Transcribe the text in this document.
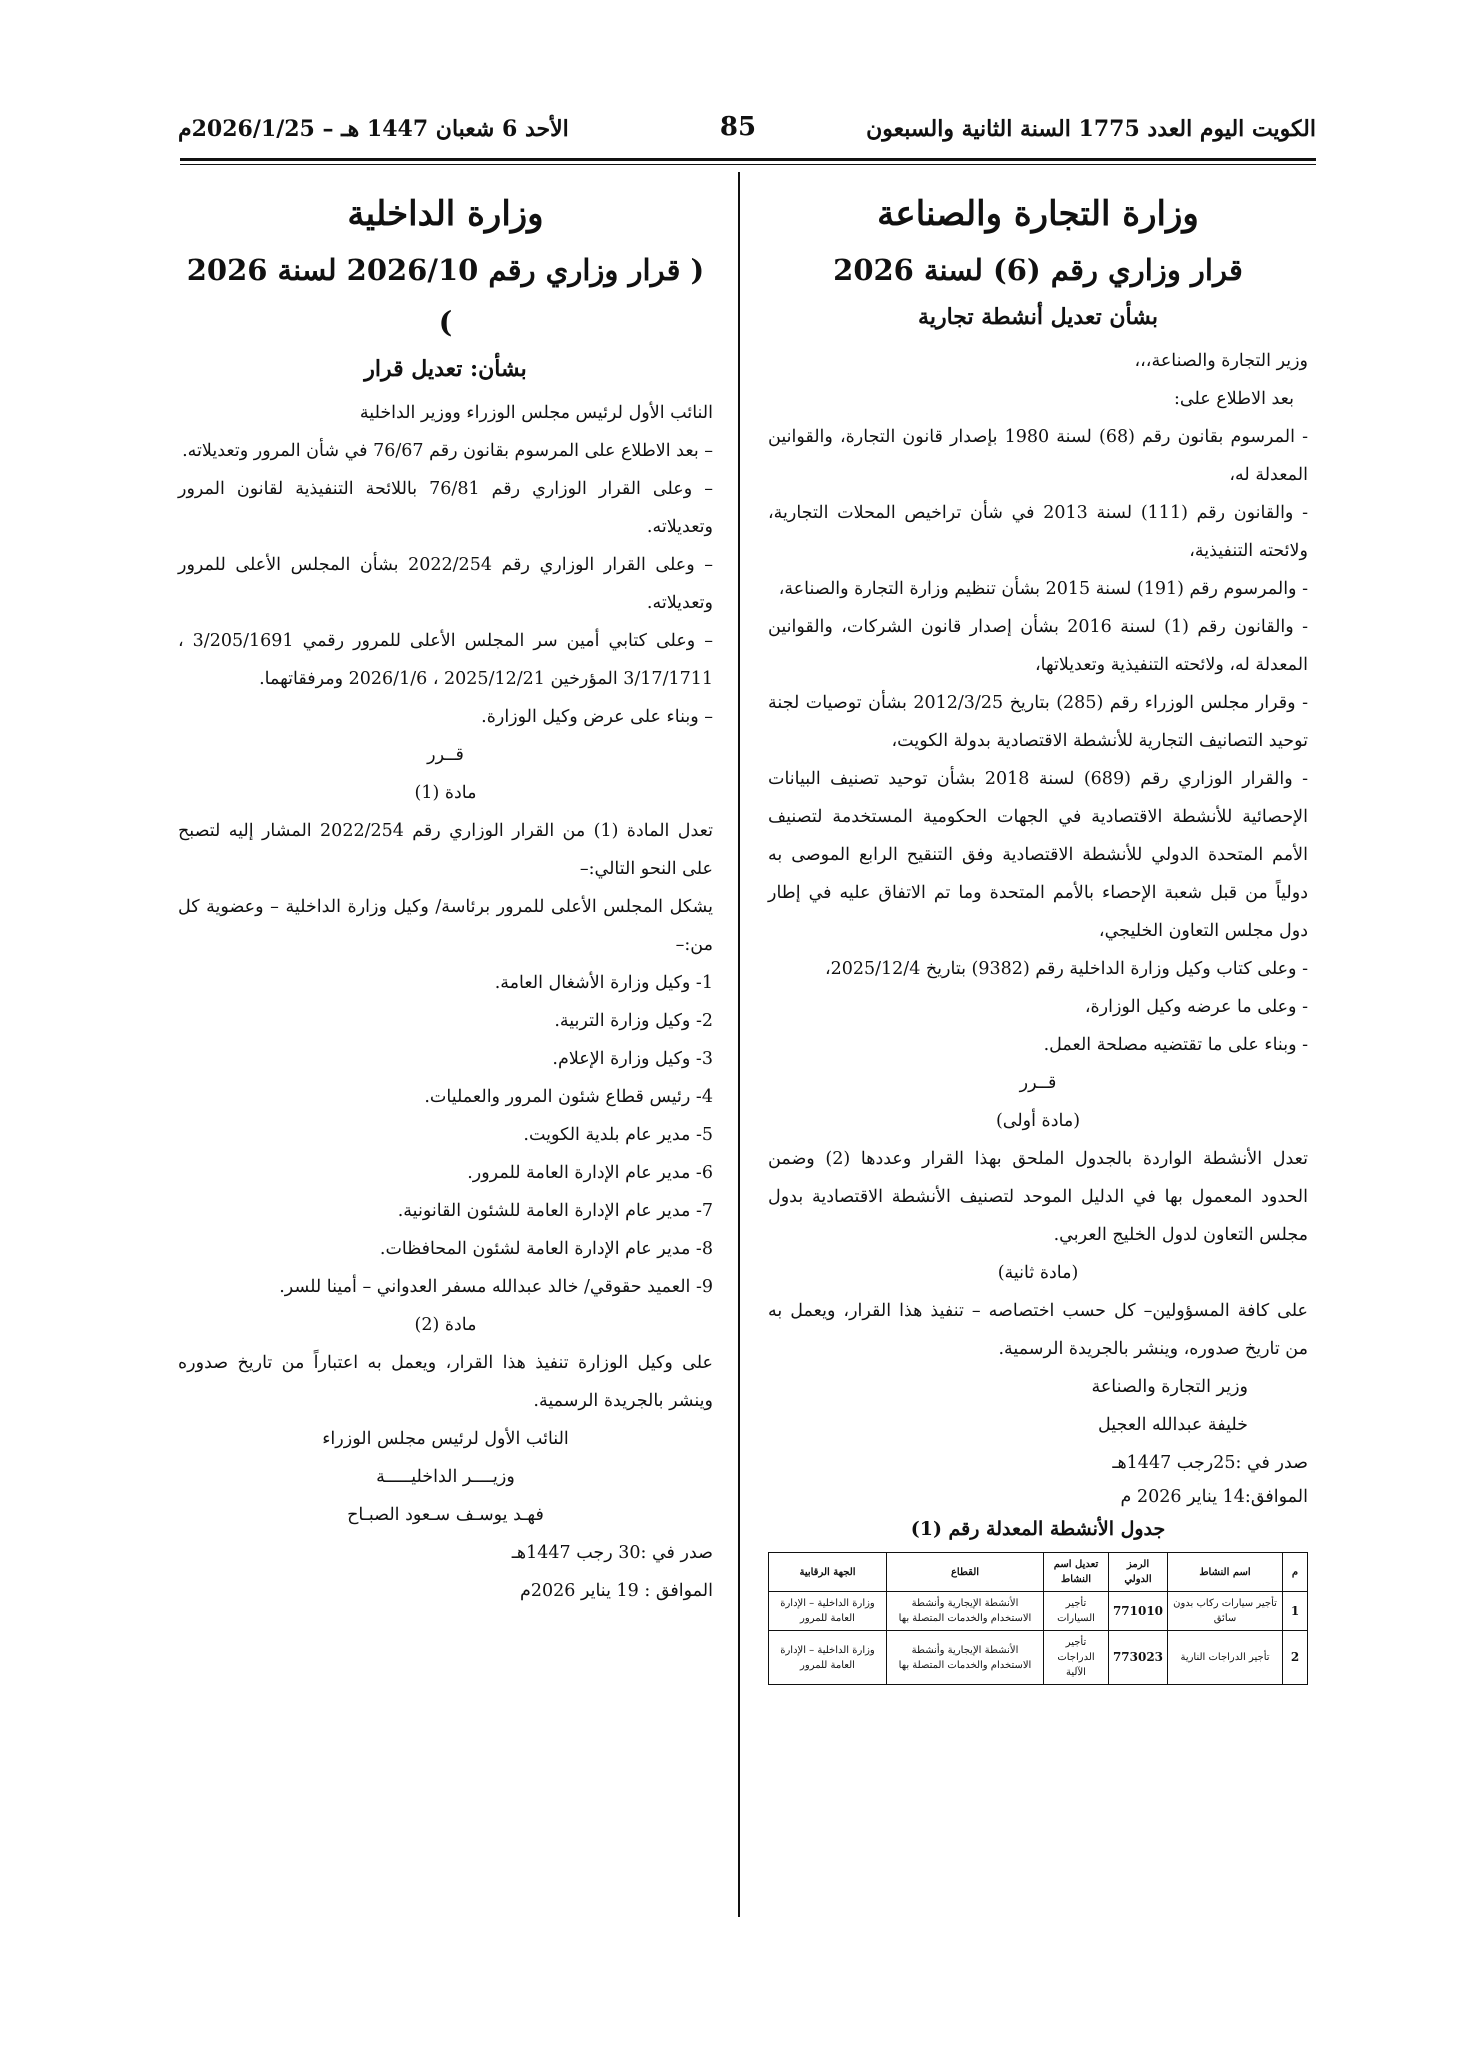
الكويت اليوم العدد 1775 السنة الثانية والسبعون
85
الأحد 6 شعبان 1447 هـ – 2026/1/25م
وزارة التجارة والصناعة
قرار وزاري رقم (6) لسنة 2026
بشأن تعديل أنشطة تجارية

وزير التجارة والصناعة،،،

بعد الاطلاع على:

- المرسوم بقانون رقم (68) لسنة 1980 بإصدار قانون التجارة، والقوانين المعدلة له،

- والقانون رقم (111) لسنة 2013 في شأن تراخيص المحلات التجارية، ولائحته التنفيذية،

- والمرسوم رقم (191) لسنة 2015 بشأن تنظيم وزارة التجارة والصناعة،

- والقانون رقم (1) لسنة 2016 بشأن إصدار قانون الشركات، والقوانين المعدلة له، ولائحته التنفيذية وتعديلاتها،

- وقرار مجلس الوزراء رقم (285) بتاريخ 2012/3/25 بشأن توصيات لجنة توحيد التصانيف التجارية للأنشطة الاقتصادية بدولة الكويت،

- والقرار الوزاري رقم (689) لسنة 2018 بشأن توحيد تصنيف البيانات الإحصائية للأنشطة الاقتصادية في الجهات الحكومية المستخدمة لتصنيف الأمم المتحدة الدولي للأنشطة الاقتصادية وفق التنقيح الرابع الموصى به دولياً من قبل شعبة الإحصاء بالأمم المتحدة وما تم الاتفاق عليه في إطار دول مجلس التعاون الخليجي،

- وعلى كتاب وكيل وزارة الداخلية رقم (9382) بتاريخ 2025/12/4،

- وعلى ما عرضه وكيل الوزارة،

- وبناء على ما تقتضيه مصلحة العمل.

قــرر

(مادة أولى)

تعدل الأنشطة الواردة بالجدول الملحق بهذا القرار وعددها (2) وضمن الحدود المعمول بها في الدليل الموحد لتصنيف الأنشطة الاقتصادية بدول مجلس التعاون لدول الخليج العربي.

(مادة ثانية)

على كافة المسؤولين– كل حسب اختصاصه – تنفيذ هذا القرار، ويعمل به من تاريخ صدوره، وينشر بالجريدة الرسمية.

وزير التجارة والصناعة

خليفة عبدالله العجيل

صدر في :25رجب 1447هـ

الموافق:14 يناير 2026 م

جدول الأنشطة المعدلة رقم (1)

م	اسم النشاط	الرمز الدولي	تعديل اسم النشاط	القطاع	الجهة الرقابية
1	تأجير سيارات ركاب بدون سائق	771010	تأجير السيارات	الأنشطة الإيجارية وأنشطة الاستخدام والخدمات المتصلة بها	وزارة الداخلية – الإدارة العامة للمرور
2	تأجير الدراجات النارية	773023	تأجير الدراجات الآلية	الأنشطة الإيجارية وأنشطة الاستخدام والخدمات المتصلة بها	وزارة الداخلية – الإدارة العامة للمرور
وزارة الداخلية
( قرار وزاري رقم 2026/10 لسنة 2026 )
بشأن: تعديل قرار

النائب الأول لرئيس مجلس الوزراء ووزير الداخلية

– بعد الاطلاع على المرسوم بقانون رقم 76/67 في شأن المرور وتعديلاته.

– وعلى القرار الوزاري رقم 76/81 باللائحة التنفيذية لقانون المرور وتعديلاته.

– وعلى القرار الوزاري رقم 2022/254 بشأن المجلس الأعلى للمرور وتعديلاته.

– وعلى كتابي أمين سر المجلس الأعلى للمرور رقمي 3/205/1691 ، 3/17/1711 المؤرخين 2025/12/21 ، 2026/1/6 ومرفقاتهما.

– وبناء على عرض وكيل الوزارة.

قــرر

مادة (1)

تعدل المادة (1) من القرار الوزاري رقم 2022/254 المشار إليه لتصبح على النحو التالي:–

يشكل المجلس الأعلى للمرور برئاسة/ وكيل وزارة الداخلية – وعضوية كل من:–

1- وكيل وزارة الأشغال العامة.

2- وكيل وزارة التربية.

3- وكيل وزارة الإعلام.

4- رئيس قطاع شئون المرور والعمليات.

5- مدير عام بلدية الكويت.

6- مدير عام الإدارة العامة للمرور.

7- مدير عام الإدارة العامة للشئون القانونية.

8- مدير عام الإدارة العامة لشئون المحافظات.

9- العميد حقوقي/ خالد عبدالله مسفر العدواني – أمينا للسر.

مادة (2)

على وكيل الوزارة تنفيذ هذا القرار، ويعمل به اعتباراً من تاريخ صدوره وينشر بالجريدة الرسمية.

النائب الأول لرئيس مجلس الوزراء

وزيــــر الداخليـــــة

فهـد يوسـف سـعود الصبـاح

صدر في :30 رجب 1447هـ

الموافق : 19 يناير 2026م
